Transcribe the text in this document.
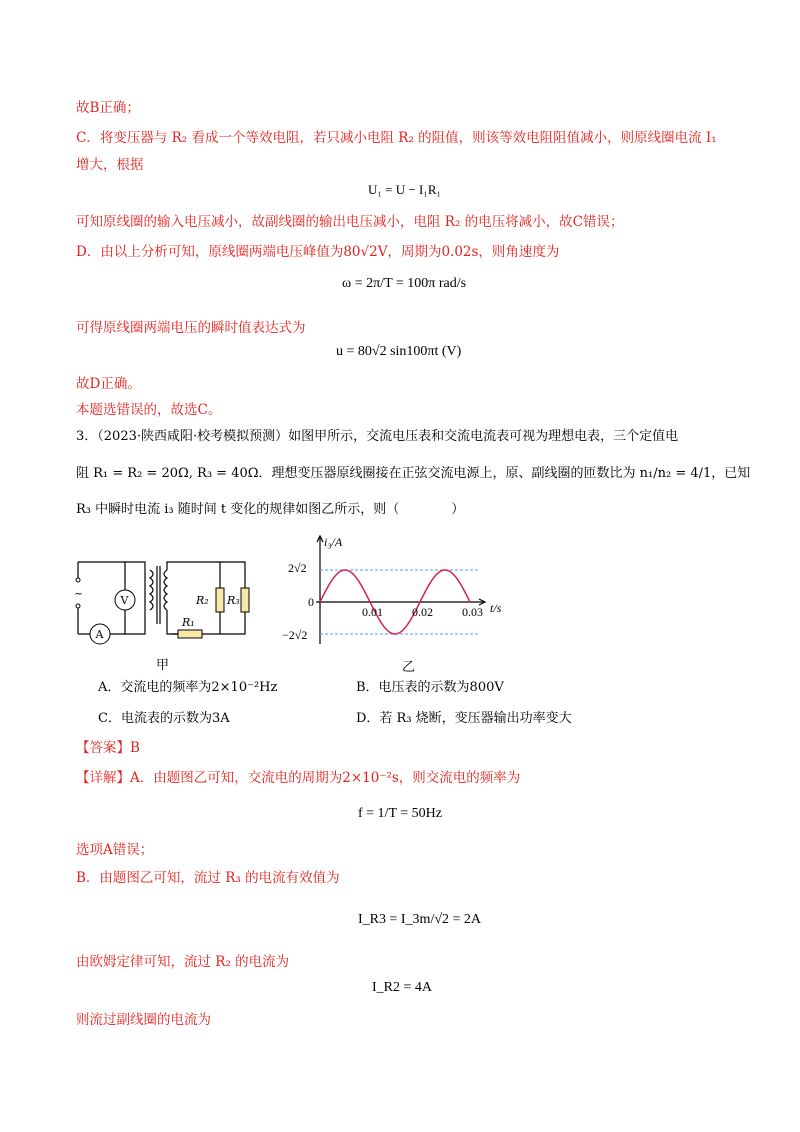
故B正确；
C．将变压器与 R₂ 看成一个等效电阻，若只减小电阻 R₂ 的阻值，则该等效电阻阻值减小，则原线圈电流 I₁
增大，根据
U₁ = U − I₁R₁
可知原线圈的输入电压减小，故副线圈的输出电压减小，电阻 R₂ 的电压将减小，故C错误；
D．由以上分析可知，原线圈两端电压峰值为80√2V，周期为0.02s，则角速度为
ω = 2π/T = 100π rad/s
可得原线圈两端电压的瞬时值表达式为
u = 80√2 sin100πt (V)
故D正确。
本题选错误的，故选C。
3．（2023·陕西咸阳·校考模拟预测）如图甲所示，交流电压表和交流电流表可视为理想电表，三个定值电
阻 R₁ = R₂ = 20Ω, R₃ = 40Ω．理想变压器原线圈接在正弦交流电源上，原、副线圈的匝数比为 n₁/n₂ = 4/1，已知
R₃ 中瞬时电流 i₃ 随时间 t 变化的规律如图乙所示，则（　　　　）
V
A
~
R₂ R₃
R₁
甲
0.01 0.02 0.03
i₃/A
t/s
2√2
−2√2
0
乙
A．交流电的频率为2×10⁻²Hz	B．电压表的示数为800V
C．电流表的示数为3A	D．若 R₃ 烧断，变压器输出功率变大
【答案】B
【详解】A．由题图乙可知，交流电的周期为2×10⁻²s，则交流电的频率为
f = 1/T = 50Hz
选项A错误；
B．由题图乙可知，流过 R₃ 的电流有效值为
I_R3 = I_3m/√2 = 2A
由欧姆定律可知，流过 R₂ 的电流为
I_R2 = 4A
则流过副线圈的电流为
